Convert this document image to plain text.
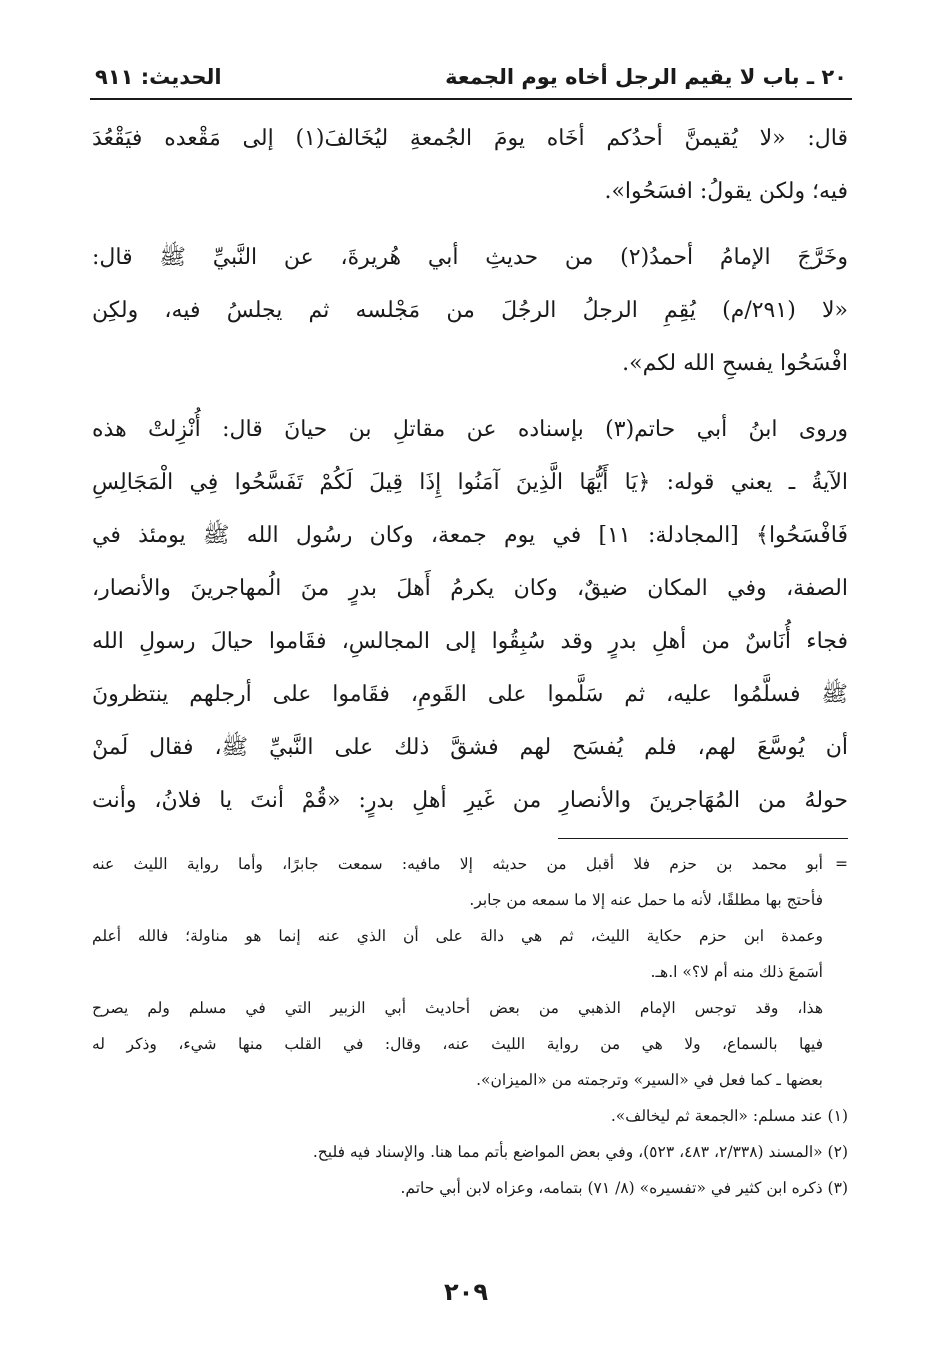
٢٠ ـ باب لا يقيم الرجل أخاه يوم الجمعة
الحديث: ٩١١
قال: «لا يُقيمنَّ أحدُكم أخَاه يومَ الجُمعةِ ليُخَالفَ(١) إلى مَقْعده فيَقْعُدَ
فيه؛ ولكن يقولُ: افسَحُوا».
وخَرَّجَ الإمامُ أحمدُ(٢) من حديثِ أبي هُريرةَ، عن النَّبيِّ ﷺ قال:
«لا (٢٩١/م) يُقِمِ الرجلُ الرجُلَ من مَجْلسه ثم يجلسُ فيه، ولكِن
افْسَحُوا يفسحِ الله لكم».
وروى ابنُ أبي حاتم(٣) بإسناده عن مقاتلِ بن حيانَ قال: أُنْزِلتْ هذه
الآيةُ ـ يعني قوله: ﴿يَا أَيُّهَا الَّذِينَ آمَنُوا إِذَا قِيلَ لَكُمْ تَفَسَّحُوا فِي الْمَجَالِسِ
فَافْسَحُوا﴾ [المجادلة: ١١] في يوم جمعة، وكان رسُول الله ﷺ يومئذ في
الصفة، وفي المكان ضيقٌ، وكان يكرمُ أَهلَ بدرٍ منَ الُمهاجرينَ والأنصار،
فجاء أُنَاسٌ من أهلِ بدرٍ وقد سُبِقُوا إلى المجالسِ، فقَاموا حيالَ رسولِ الله
ﷺ فسلَّمُوا عليه، ثم سَلَّموا على القَومِ، فقَاموا على أرجلهم ينتظرونَ
أن يُوسَّعَ لهم، فلم يُفسَح لهم فشقَّ ذلك على النَّبيِّ ﷺ، فقال لَمنْ
حولهُ من المُهَاجرينَ والأنصارِ من غَيرِ أهلِ بدرٍ: «قُمْ أنتَ يا فلانُ، وأنت
=
أبو محمد بن حزم فلا أقبل من حديثه إلا مافيه: سمعت جابرًا، وأما رواية الليث عنه
فأحتج بها مطلقًا، لأنه ما حمل عنه إلا ما سمعه من جابر.
وعمدة ابن حزم حكاية الليث، ثم هي دالة على أن الذي عنه إنما هو مناولة؛ فالله أعلم
أسَمعَ ذلك منه أم لا؟» ا.هـ.
هذا، وقد توجس الإمام الذهبي من بعض أحاديث أبي الزبير التي في مسلم ولم يصرح
فيها بالسماع، ولا هي من رواية الليث عنه، وقال: في القلب منها شيء، وذكر له
بعضها ـ كما فعل في «السير» وترجمته من «الميزان».
(١) عند مسلم: «الجمعة ثم ليخالف».
(٢) «المسند (٢/٣٣٨، ٤٨٣، ٥٢٣)، وفي بعض المواضع بأتم مما هنا. والإسناد فيه فليح.
(٣) ذكره ابن كثير في «تفسيره» (٨/ ٧١) بتمامه، وعزاه لابن أبي حاتم.
٢٠٩
